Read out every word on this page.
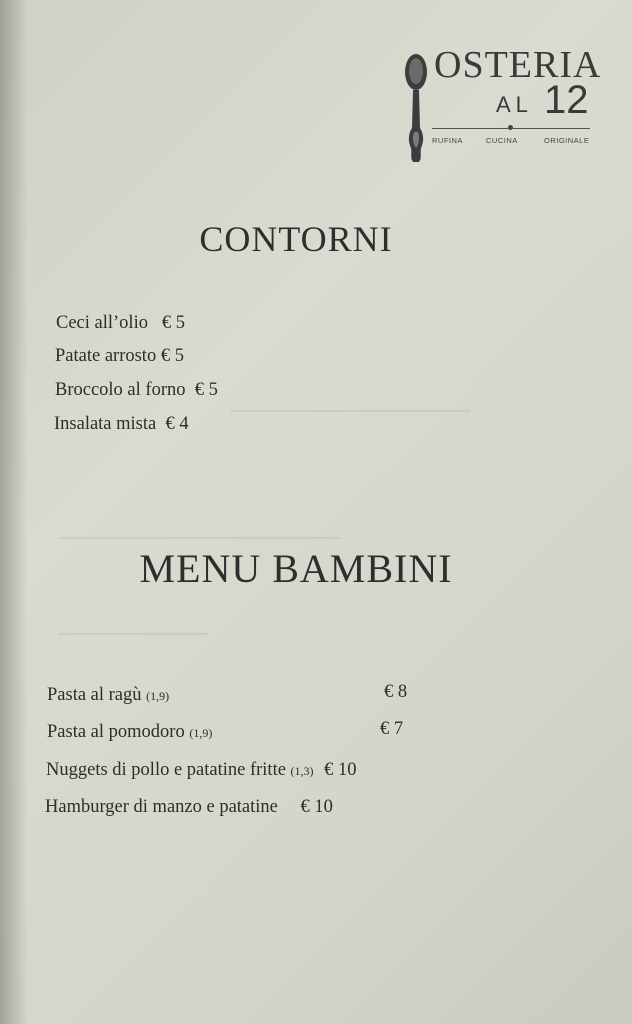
OSTERIA
AL 12
RUFINA	CUCINA	ORIGINALE
CONTORNI
Ceci all’olio   € 5
Patate arrosto € 5
Broccolo al forno  € 5
Insalata mista  € 4
MENU BAMBINI
Pasta al ragù (1,9)	€ 8
Pasta al pomodoro (1,9)	€ 7
Nuggets di pollo e patatine fritte (1,3) € 10
Hamburger di manzo e patatine € 10
